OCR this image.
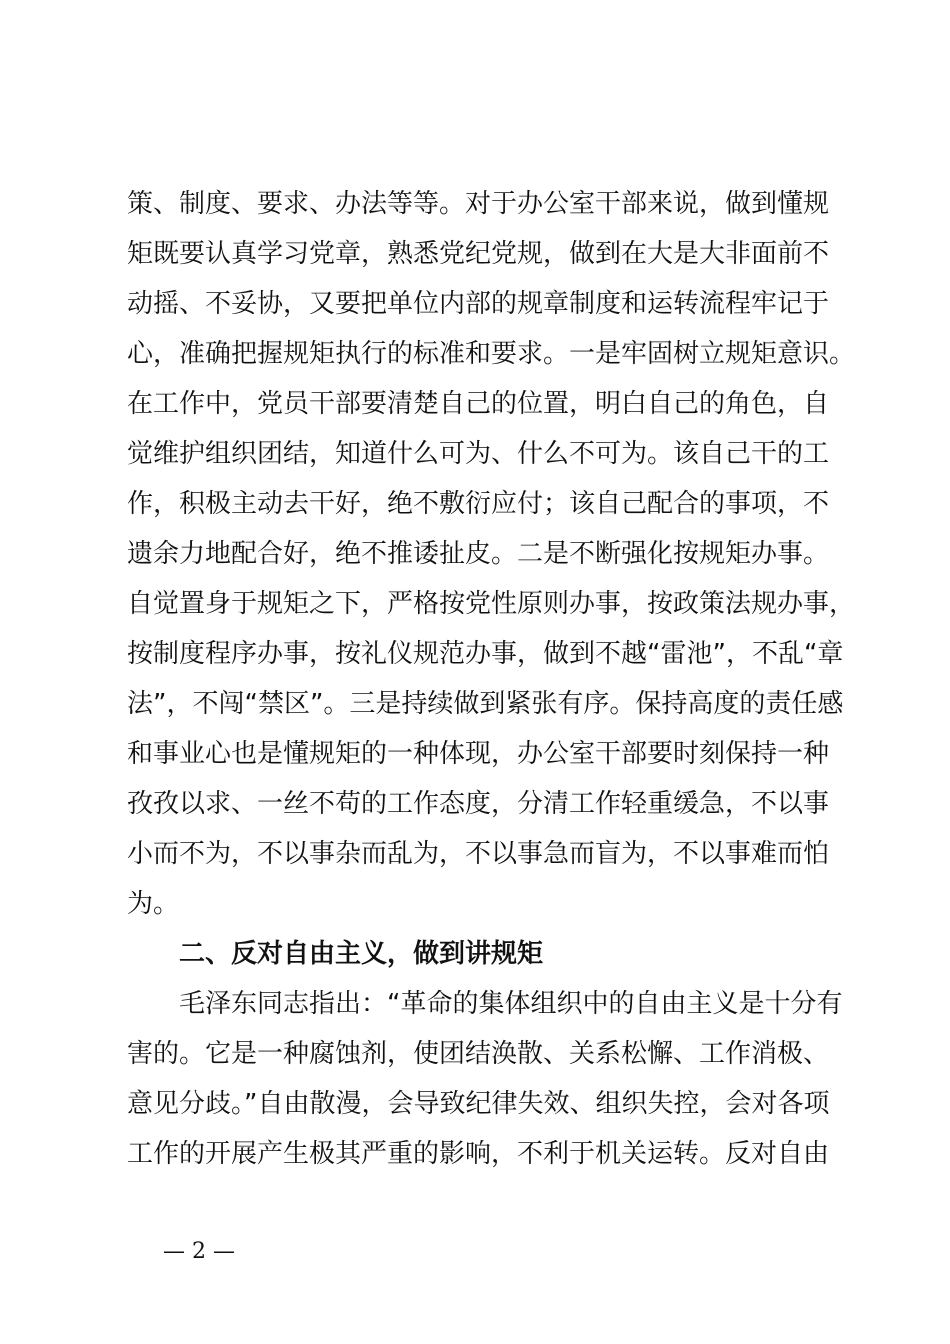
策、制度、要求、办法等等。对于办公室干部来说，做到懂规
矩既要认真学习党章，熟悉党纪党规，做到在大是大非面前不
动摇、不妥协，又要把单位内部的规章制度和运转流程牢记于
心，准确把握规矩执行的标准和要求。一是牢固树立规矩意识。
在工作中，党员干部要清楚自己的位置，明白自己的角色，自
觉维护组织团结，知道什么可为、什么不可为。该自己干的工
作，积极主动去干好，绝不敷衍应付；该自己配合的事项，不
遗余力地配合好，绝不推诿扯皮。二是不断强化按规矩办事。
自觉置身于规矩之下，严格按党性原则办事，按政策法规办事，
按制度程序办事，按礼仪规范办事，做到不越“雷池”，不乱“章
法”，不闯“禁区”。三是持续做到紧张有序。保持高度的责任感
和事业心也是懂规矩的一种体现，办公室干部要时刻保持一种
孜孜以求、一丝不苟的工作态度，分清工作轻重缓急，不以事
小而不为，不以事杂而乱为，不以事急而盲为，不以事难而怕
为。
二、反对自由主义，做到讲规矩
毛泽东同志指出：“革命的集体组织中的自由主义是十分有
害的。它是一种腐蚀剂，使团结涣散、关系松懈、工作消极、
意见分歧。”自由散漫，会导致纪律失效、组织失控，会对各项
工作的开展产生极其严重的影响，不利于机关运转。反对自由
— 2 —
